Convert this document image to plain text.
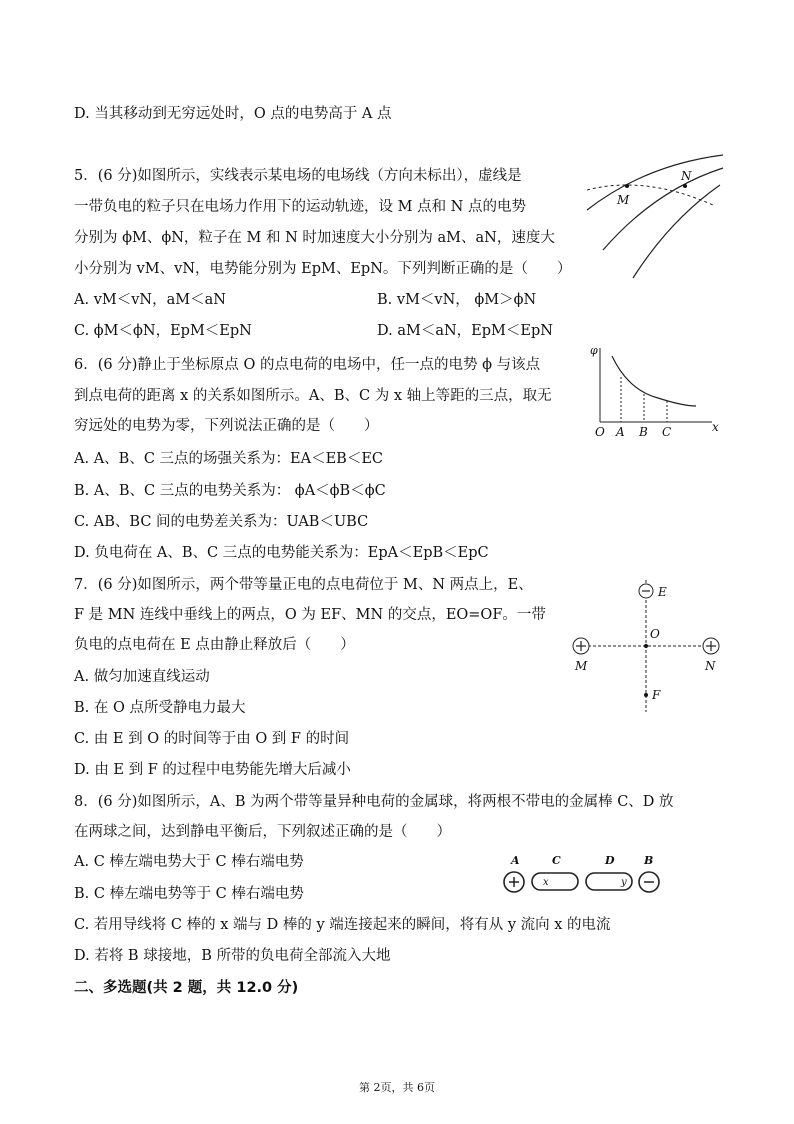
D. 当其移动到无穷远处时，O 点的电势高于 A 点
5．(6 分)如图所示，实线表示某电场的电场线（方向未标出），虚线是
一带负电的粒子只在电场力作用下的运动轨迹，设 M 点和 N 点的电势
分别为 ϕM、ϕN，粒子在 M 和 N 时加速度大小分别为 aM、aN，速度大
小分别为 vM、vN，电势能分别为 EpM、EpN。下列判断正确的是（　　）
A. vM＜vN，aM＜aN	B. vM＜vN， ϕM＞ϕN
C. ϕM＜ϕN，EpM＜EpN	D. aM＜aN，EpM＜EpN
M
N
6．(6 分)静止于坐标原点 O 的点电荷的电场中，任一点的电势 ϕ 与该点
到点电荷的距离 x 的关系如图所示。A、B、C 为 x 轴上等距的三点，取无
穷远处的电势为零，下列说法正确的是（　　）
A. A、B、C 三点的场强关系为：EA＜EB＜EC
B. A、B、C 三点的电势关系为： ϕA＜ϕB＜ϕC
C. AB、BC 间的电势差关系为：UAB＜UBC
D. 负电荷在 A、B、C 三点的电势能关系为：EpA＜EpB＜EpC
φ
O A B C	x
7．(6 分)如图所示，两个带等量正电的点电荷位于 M、N 两点上，E、
F 是 MN 连线中垂线上的两点，O 为 EF、MN 的交点，EO=OF。一带
负电的点电荷在 E 点由静止释放后（　　）
A. 做匀加速直线运动
B. 在 O 点所受静电力最大
C. 由 E 到 O 的时间等于由 O 到 F 的时间
D. 由 E 到 F 的过程中电势能先增大后减小
E
O
M	N
F
8．(6 分)如图所示，A、B 为两个带等量异种电荷的金属球，将两根不带电的金属棒 C、D 放
在两球之间，达到静电平衡后，下列叙述正确的是（　　）
A. C 棒左端电势大于 C 棒右端电势
B. C 棒左端电势等于 C 棒右端电势
C. 若用导线将 C 棒的 x 端与 D 棒的 y 端连接起来的瞬间，将有从 y 流向 x 的电流
D. 若将 B 球接地，B 所带的负电荷全部流入大地
A	C	D	B
x	y
二、多选题(共 2 题，共 12.0 分)
第 2页，共 6页
